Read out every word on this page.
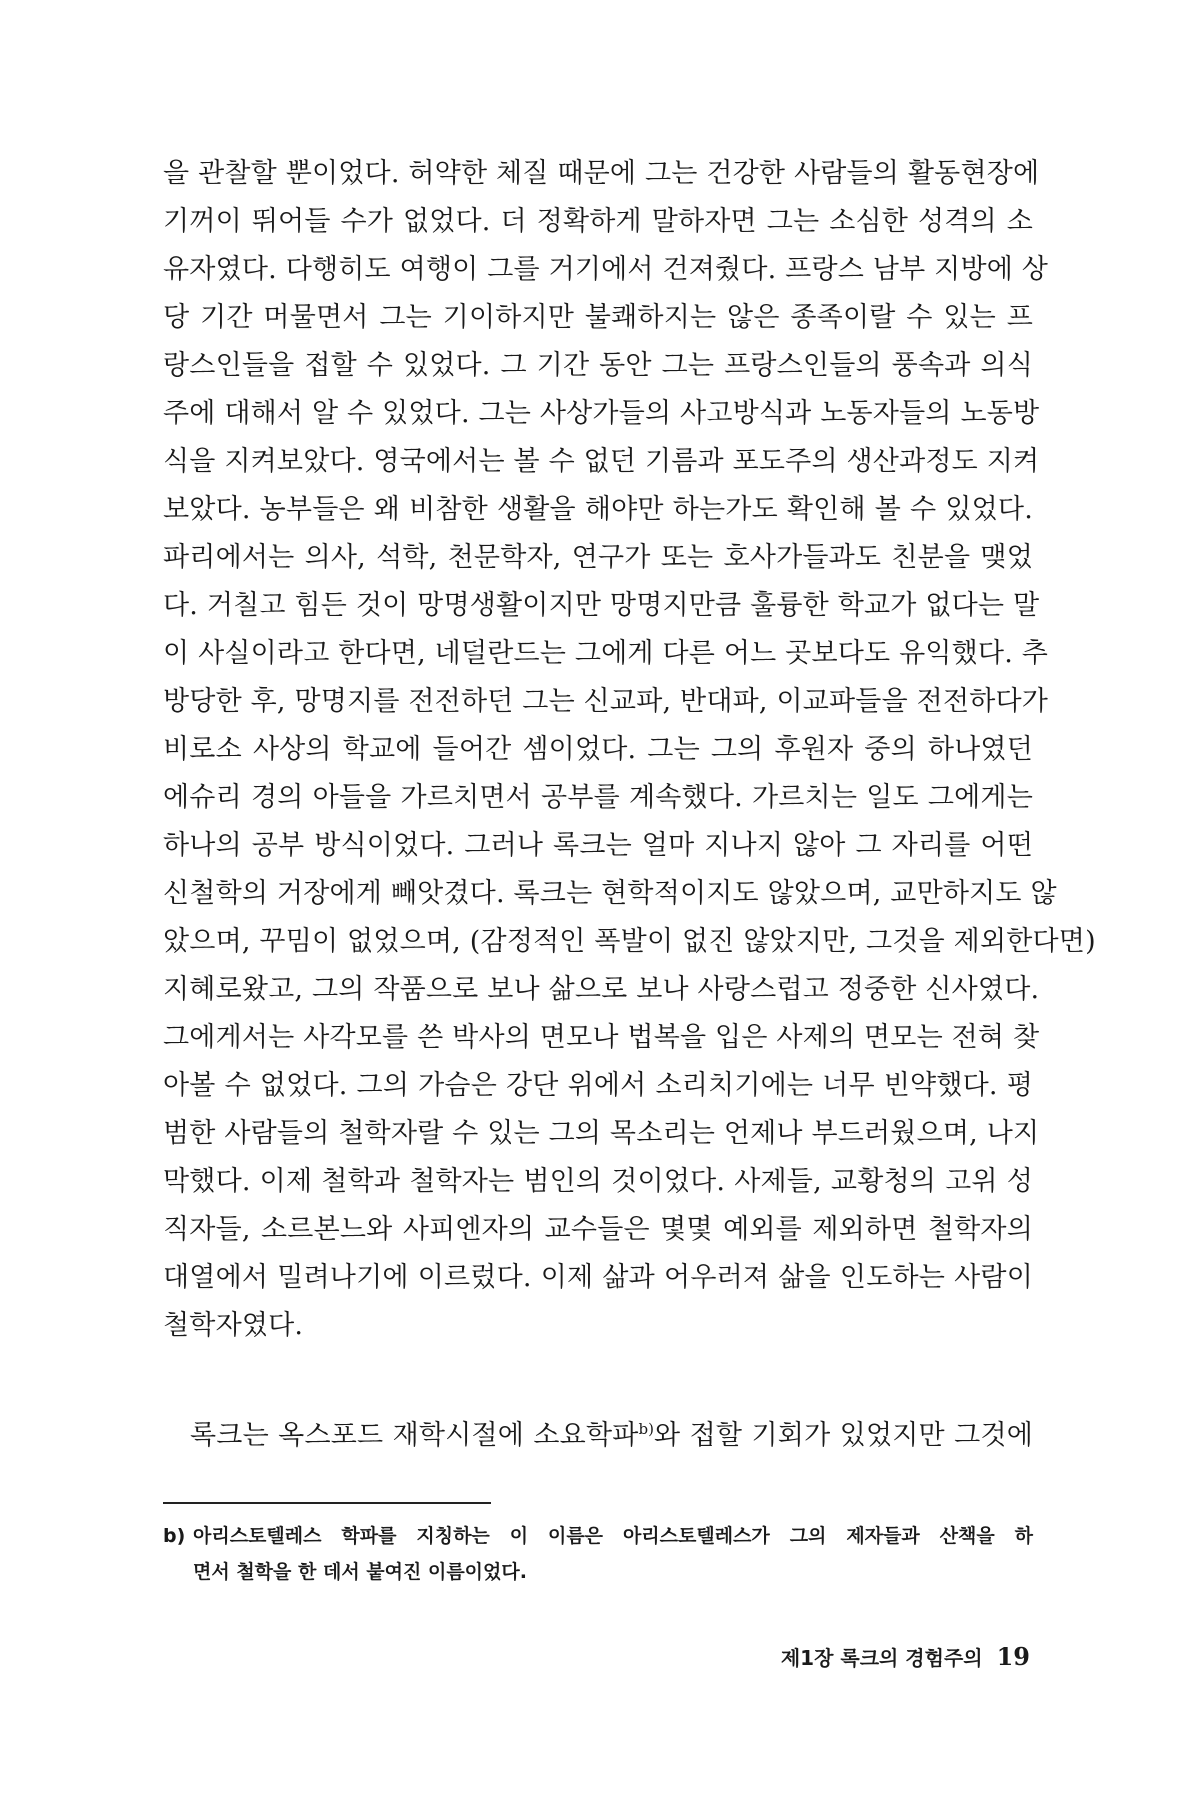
을 관찰할 뿐이었다. 허약한 체질 때문에 그는 건강한 사람들의 활동현장에
기꺼이 뛰어들 수가 없었다. 더 정확하게 말하자면 그는 소심한 성격의 소
유자였다. 다행히도 여행이 그를 거기에서 건져줬다. 프랑스 남부 지방에 상
당 기간 머물면서 그는 기이하지만 불쾌하지는 않은 종족이랄 수 있는 프
랑스인들을 접할 수 있었다. 그 기간 동안 그는 프랑스인들의 풍속과 의식
주에 대해서 알 수 있었다. 그는 사상가들의 사고방식과 노동자들의 노동방
식을 지켜보았다. 영국에서는 볼 수 없던 기름과 포도주의 생산과정도 지켜
보았다. 농부들은 왜 비참한 생활을 해야만 하는가도 확인해 볼 수 있었다.
파리에서는 의사, 석학, 천문학자, 연구가 또는 호사가들과도 친분을 맺었
다. 거칠고 힘든 것이 망명생활이지만 망명지만큼 훌륭한 학교가 없다는 말
이 사실이라고 한다면, 네덜란드는 그에게 다른 어느 곳보다도 유익했다. 추
방당한 후, 망명지를 전전하던 그는 신교파, 반대파, 이교파들을 전전하다가
비로소 사상의 학교에 들어간 셈이었다. 그는 그의 후원자 중의 하나였던
에슈리 경의 아들을 가르치면서 공부를 계속했다. 가르치는 일도 그에게는
하나의 공부 방식이었다. 그러나 록크는 얼마 지나지 않아 그 자리를 어떤
신철학의 거장에게 빼앗겼다. 록크는 현학적이지도 않았으며, 교만하지도 않
았으며, 꾸밈이 없었으며, (감정적인 폭발이 없진 않았지만, 그것을 제외한다면)
지혜로왔고, 그의 작품으로 보나 삶으로 보나 사랑스럽고 정중한 신사였다.
그에게서는 사각모를 쓴 박사의 면모나 법복을 입은 사제의 면모는 전혀 찾
아볼 수 없었다. 그의 가슴은 강단 위에서 소리치기에는 너무 빈약했다. 평
범한 사람들의 철학자랄 수 있는 그의 목소리는 언제나 부드러웠으며, 나지
막했다. 이제 철학과 철학자는 범인의 것이었다. 사제들, 교황청의 고위 성
직자들, 소르본느와 사피엔자의 교수들은 몇몇 예외를 제외하면 철학자의
대열에서 밀려나기에 이르렀다. 이제 삶과 어우러져 삶을 인도하는 사람이
철학자였다.
록크는 옥스포드 재학시절에 소요학파$^{b)}$와 접할 기회가 있었지만 그것에
b) 아리스토텔레스 학파를 지칭하는 이 이름은 아리스토텔레스가 그의 제자들과 산책을 하
면서 철학을 한 데서 붙여진 이름이었다.
제1장 록크의 경험주의 19
